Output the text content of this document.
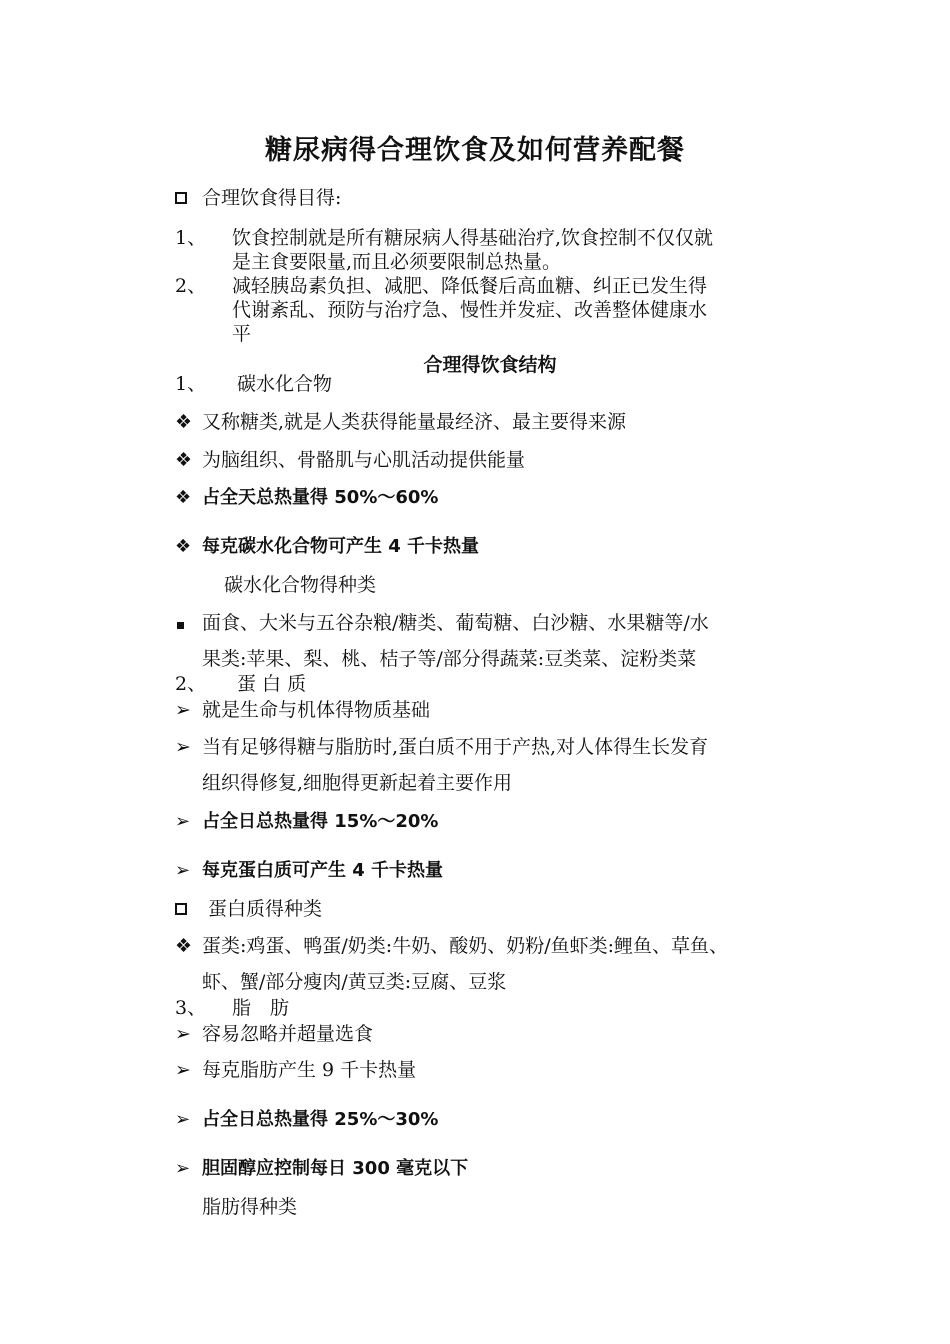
糖尿病得合理饮食及如何营养配餐
合理饮食得目得:
1、 饮食控制就是所有糖尿病人得基础治疗,饮食控制不仅仅就
是主食要限量,而且必须要限制总热量。
2、 减轻胰岛素负担、减肥、降低餐后高血糖、纠正已发生得
代谢紊乱、预防与治疗急、慢性并发症、改善整体健康水
平
合理得饮食结构
1、 碳水化合物
❖ 又称糖类,就是人类获得能量最经济、最主要得来源
❖ 为脑组织、骨骼肌与心肌活动提供能量
❖ 占全天总热量得 50%～60%
❖ 每克碳水化合物可产生 4 千卡热量
碳水化合物得种类
面食、大米与五谷杂粮/糖类、葡萄糖、白沙糖、水果糖等/水
果类:苹果、梨、桃、桔子等/部分得蔬菜:豆类菜、淀粉类菜
2、 蛋 白 质
➢ 就是生命与机体得物质基础
➢ 当有足够得糖与脂肪时,蛋白质不用于产热,对人体得生长发育
组织得修复,细胞得更新起着主要作用
➢ 占全日总热量得 15%～20%
➢ 每克蛋白质可产生 4 千卡热量
蛋白质得种类
❖ 蛋类:鸡蛋、鸭蛋/奶类:牛奶、酸奶、奶粉/鱼虾类:鲤鱼、草鱼、
虾、蟹/部分瘦肉/黄豆类:豆腐、豆浆
3、 脂　肪
➢ 容易忽略并超量选食
➢ 每克脂肪产生 9 千卡热量
➢ 占全日总热量得 25%～30%
➢ 胆固醇应控制每日 300 毫克以下
脂肪得种类
